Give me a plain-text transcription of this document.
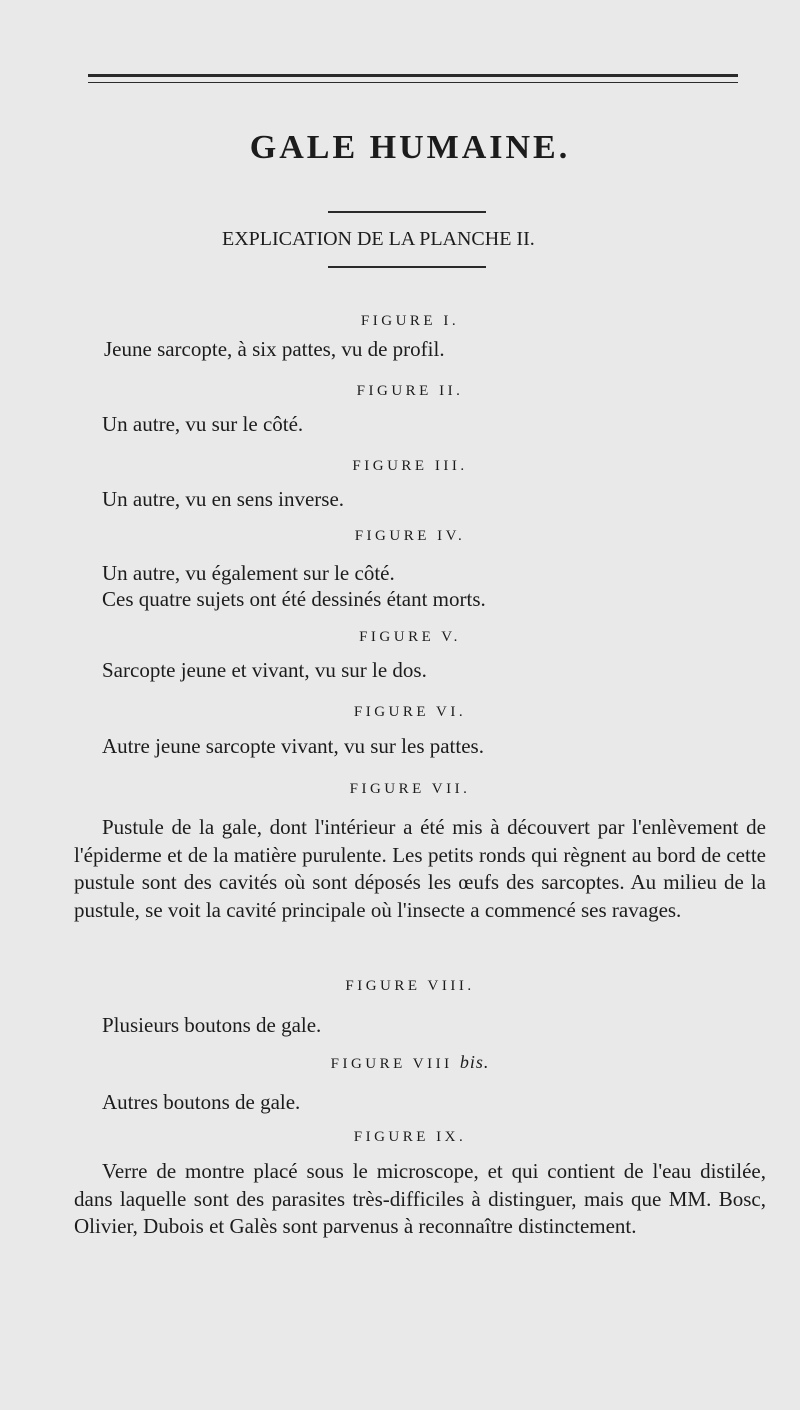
GALE HUMAINE.
EXPLICATION DE LA PLANCHE II.
FIGURE I.
Jeune sarcopte, à six pattes, vu de profil.
FIGURE II.
Un autre, vu sur le côté.
FIGURE III.
Un autre, vu en sens inverse.
FIGURE IV.
Un autre, vu également sur le côté.
Ces quatre sujets ont été dessinés étant morts.
FIGURE V.
Sarcopte jeune et vivant, vu sur le dos.
FIGURE VI.
Autre jeune sarcopte vivant, vu sur les pattes.
FIGURE VII.
Pustule de la gale, dont l'intérieur a été mis à découvert par l'enlèvement de l'épiderme et de la matière purulente. Les petits ronds qui règnent au bord de cette pustule sont des cavités où sont déposés les œufs des sarcoptes. Au milieu de la pustule, se voit la cavité principale où l'insecte a commencé ses ravages.
FIGURE VIII.
Plusieurs boutons de gale.
FIGURE VIII bis.
Autres boutons de gale.
FIGURE IX.
Verre de montre placé sous le microscope, et qui contient de l'eau distilée, dans laquelle sont des parasites très-difficiles à distinguer, mais que MM. Bosc, Olivier, Dubois et Galès sont parvenus à reconnaître distinctement.
